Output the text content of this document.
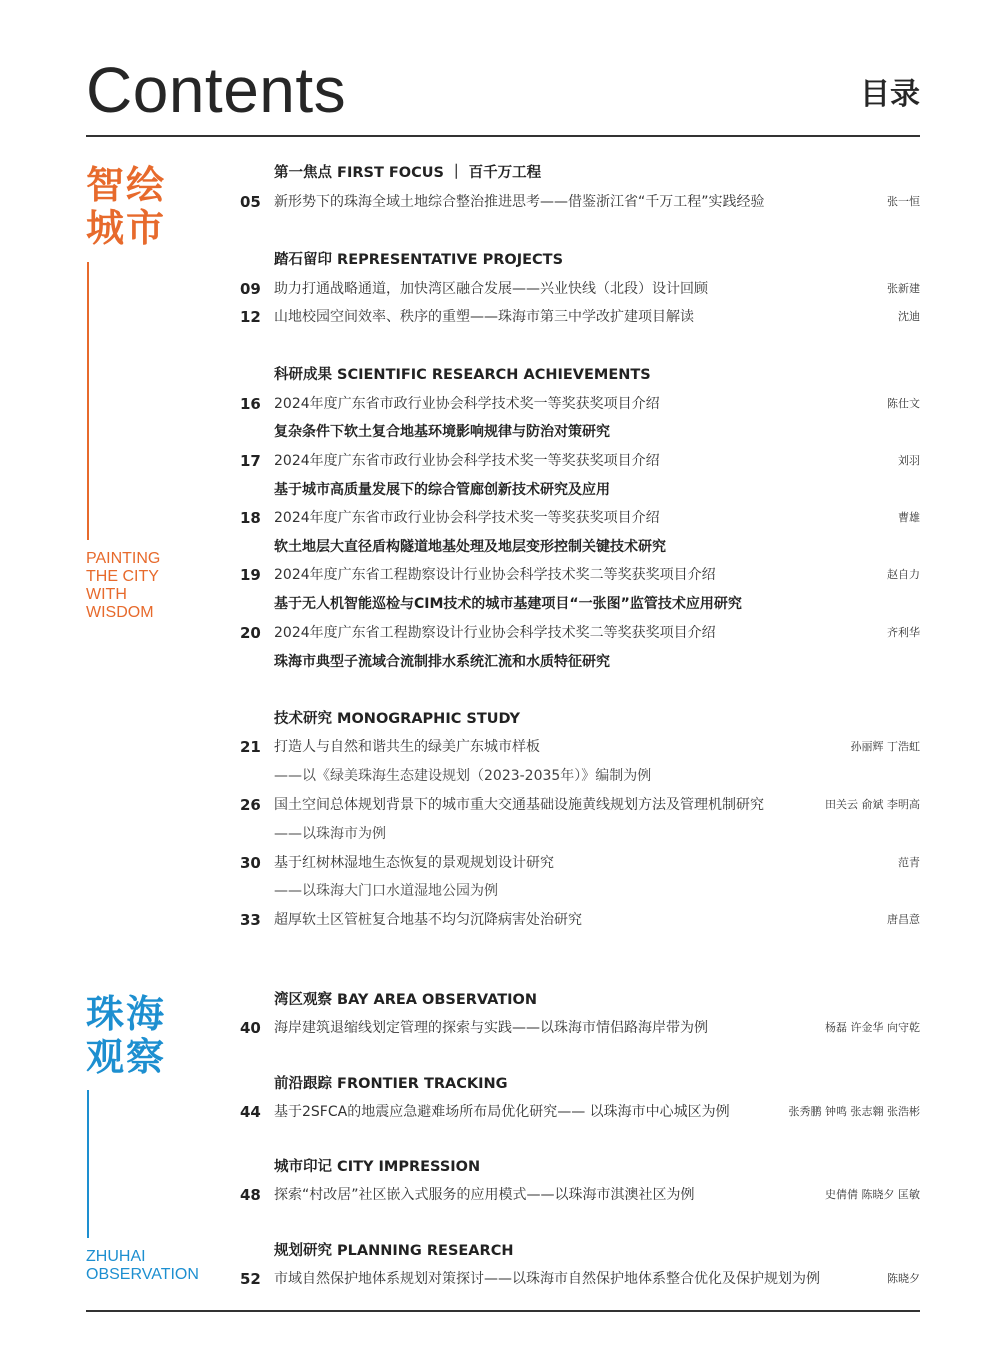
Contents	目录
智绘
城市
PAINTING
THE CITY
WITH
WISDOM
珠海
观察
ZHUHAI
OBSERVATION
第一焦点 FIRST FOCUS ｜ 百千万工程
踏石留印 REPRESENTATIVE PROJECTS
科研成果 SCIENTIFIC RESEARCH ACHIEVEMENTS
技术研究 MONOGRAPHIC STUDY
湾区观察 BAY AREA OBSERVATION
前沿跟踪 FRONTIER TRACKING
城市印记 CITY IMPRESSION
规划研究 PLANNING RESEARCH
05 新形势下的珠海全域土地综合整治推进思考——借鉴浙江省“千万工程”实践经验	张一恒
09 助力打通战略通道，加快湾区融合发展——兴业快线（北段）设计回顾	张新建
12 山地校园空间效率、秩序的重塑——珠海市第三中学改扩建项目解读	沈迪
16 2024年度广东省市政行业协会科学技术奖一等奖获奖项目介绍	陈仕文
复杂条件下软土复合地基环境影响规律与防治对策研究
17 2024年度广东省市政行业协会科学技术奖一等奖获奖项目介绍	刘羽
基于城市高质量发展下的综合管廊创新技术研究及应用
18 2024年度广东省市政行业协会科学技术奖一等奖获奖项目介绍	曹雄
软土地层大直径盾构隧道地基处理及地层变形控制关键技术研究
19 2024年度广东省工程勘察设计行业协会科学技术奖二等奖获奖项目介绍	赵自力
基于无人机智能巡检与CIM技术的城市基建项目“一张图”监管技术应用研究
20 2024年度广东省工程勘察设计行业协会科学技术奖二等奖获奖项目介绍	齐利华
珠海市典型子流域合流制排水系统汇流和水质特征研究
21 打造人与自然和谐共生的绿美广东城市样板	孙丽辉 丁浩虹
——以《绿美珠海生态建设规划（2023-2035年）》编制为例
26 国土空间总体规划背景下的城市重大交通基础设施黄线规划方法及管理机制研究	田关云 俞斌 李明高
——以珠海市为例
30 基于红树林湿地生态恢复的景观规划设计研究	范青
——以珠海大门口水道湿地公园为例
33 超厚软土区管桩复合地基不均匀沉降病害处治研究	唐昌意
40 海岸建筑退缩线划定管理的探索与实践——以珠海市情侣路海岸带为例	杨磊 许金华 向守乾
44 基于2SFCA的地震应急避难场所布局优化研究—— 以珠海市中心城区为例	张秀鹏 钟鸣 张志翱 张浩彬
48 探索“村改居”社区嵌入式服务的应用模式——以珠海市淇澳社区为例	史倩倩 陈晓夕 匡敏
52 市域自然保护地体系规划对策探讨——以珠海市自然保护地体系整合优化及保护规划为例	陈晓夕
